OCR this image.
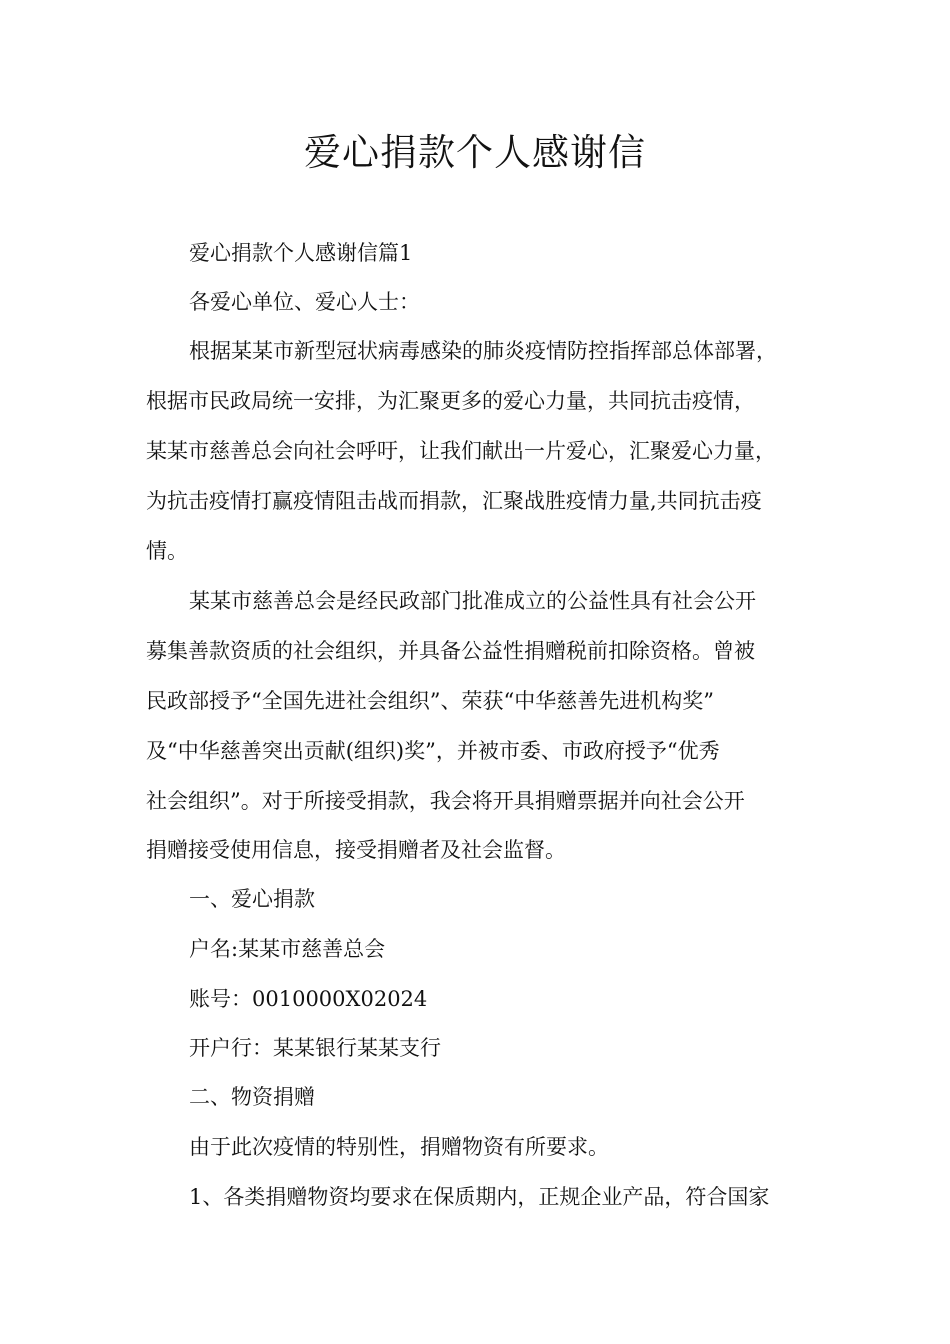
爱心捐款个人感谢信

爱心捐款个人感谢信篇1

各爱心单位、爱心人士：

根据某某市新型冠状病毒感染的肺炎疫情防控指挥部总体部署，

根据市民政局统一安排，为汇聚更多的爱心力量，共同抗击疫情，

某某市慈善总会向社会呼吁，让我们献出一片爱心，汇聚爱心力量，

为抗击疫情打赢疫情阻击战而捐款，汇聚战胜疫情力量,共同抗击疫

情。

某某市慈善总会是经民政部门批准成立的公益性具有社会公开

募集善款资质的社会组织，并具备公益性捐赠税前扣除资格。曾被

民政部授予“全国先进社会组织”、荣获“中华慈善先进机构奖”

及“中华慈善突出贡献(组织)奖”，并被市委、市政府授予“优秀

社会组织”。对于所接受捐款，我会将开具捐赠票据并向社会公开

捐赠接受使用信息，接受捐赠者及社会监督。

一、爱心捐款

户名:某某市慈善总会

账号：0010000X02024

开户行：某某银行某某支行

二、物资捐赠

由于此次疫情的特别性，捐赠物资有所要求。

1、各类捐赠物资均要求在保质期内，正规企业产品，符合国家
